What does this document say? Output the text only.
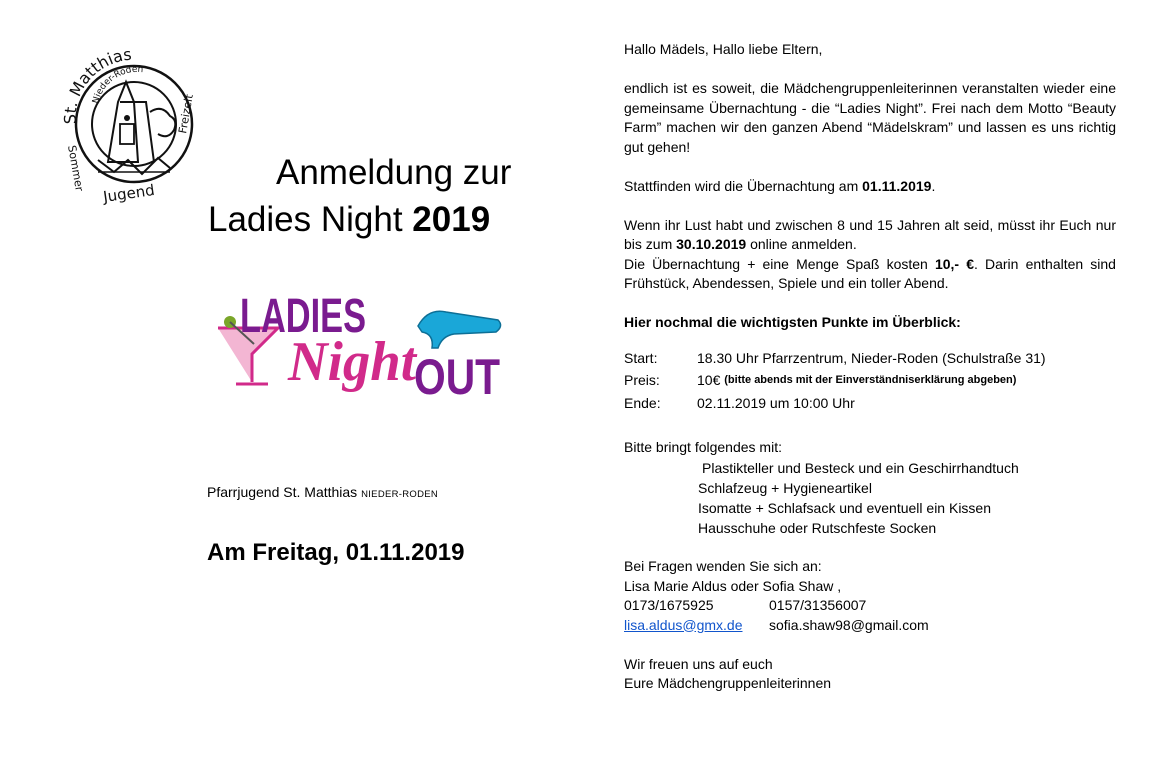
St. Matthias
Nieder-Roden
Sommer
Freizeit
Jugend
Anmeldung zur
Ladies Night 2019
LADIES
Night
OUT
Pfarrjugend St. Matthias NIEDER-RODEN
Am Freitag, 01.11.2019

Hallo Mädels, Hallo liebe Eltern,

endlich ist es soweit, die Mädchengruppenleiterinnen veranstalten wieder eine gemeinsame Übernachtung - die “Ladies Night”. Frei nach dem Motto “Beauty Farm” machen wir den ganzen Abend “Mädelskram” und lassen es uns richtig gut gehen!

Stattfinden wird die Übernachtung am 01.11.2019.

Wenn ihr Lust habt und zwischen 8 und 15 Jahren alt seid, müsst ihr Euch nur bis zum 30.10.2019 online anmelden.

Die Übernachtung + eine Menge Spaß kosten 10,- €. Darin enthalten sind Frühstück, Abendessen, Spiele und ein toller Abend.

Hier nochmal die wichtigsten Punkte im Überblick:

Start:	18.30 Uhr Pfarrzentrum, Nieder-Roden (Schulstraße 31)
Preis:	10€ (bitte abends mit der Einverständniserklärung abgeben)
Ende:	02.11.2019 um 10:00 Uhr

Bitte bringt folgendes mit:

Plastikteller und Besteck und ein Geschirrhandtuch
Schlafzeug + Hygieneartikel
Isomatte + Schlafsack und eventuell ein Kissen
Hausschuhe oder Rutschfeste Socken

Bei Fragen wenden Sie sich an:

Lisa Marie Aldus oder Sofia Shaw ,

0173/1675925	0157/31356007
lisa.aldus@gmx.de	sofia.shaw98@gmail.com

Wir freuen uns auf euch

Eure Mädchengruppenleiterinnen
